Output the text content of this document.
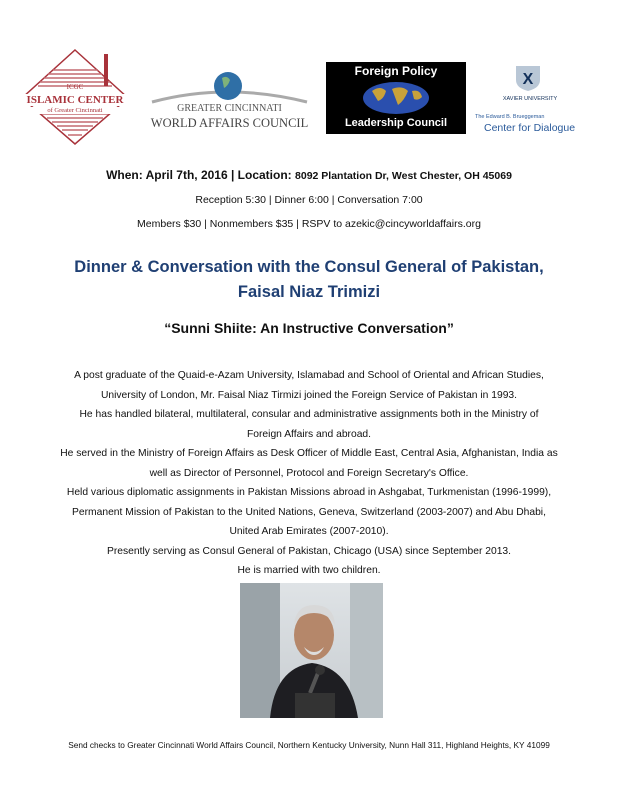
ICGC
ISLAMIC CENTER
of Greater Cincinnati	GREATER CINCINNATI
WORLD AFFAIRS COUNCIL
Foreign Policy
Leadership Council
X
XAVIER UNIVERSITY
The Edward B. Brueggeman
Center for Dialogue
When: April 7th, 2016 | Location: 8092 Plantation Dr, West Chester, OH 45069
Reception 5:30 | Dinner 6:00 | Conversation 7:00
Members $30 | Nonmembers $35 | RSPV to azekic@cincyworldaffairs.org
Dinner & Conversation with the Consul General of Pakistan,
Faisal Niaz Trimizi
“Sunni Shiite: An Instructive Conversation”
A post graduate of the Quaid-e-Azam University, Islamabad and School of Oriental and African Studies,
University of London, Mr. Faisal Niaz Tirmizi joined the Foreign Service of Pakistan in 1993.
He has handled bilateral, multilateral, consular and administrative assignments both in the Ministry of
Foreign Affairs and abroad.
He served in the Ministry of Foreign Affairs as Desk Officer of Middle East, Central Asia, Afghanistan, India as
well as Director of Personnel, Protocol and Foreign Secretary's Office.
Held various diplomatic assignments in Pakistan Missions abroad in Ashgabat, Turkmenistan (1996-1999),
Permanent Mission of Pakistan to the United Nations, Geneva, Switzerland (2003-2007) and Abu Dhabi,
United Arab Emirates (2007-2010).
Presently serving as Consul General of Pakistan, Chicago (USA) since September 2013.
He is married with two children.
Send checks to Greater Cincinnati World Affairs Council, Northern Kentucky University, Nunn Hall 311, Highland Heights, KY 41099
